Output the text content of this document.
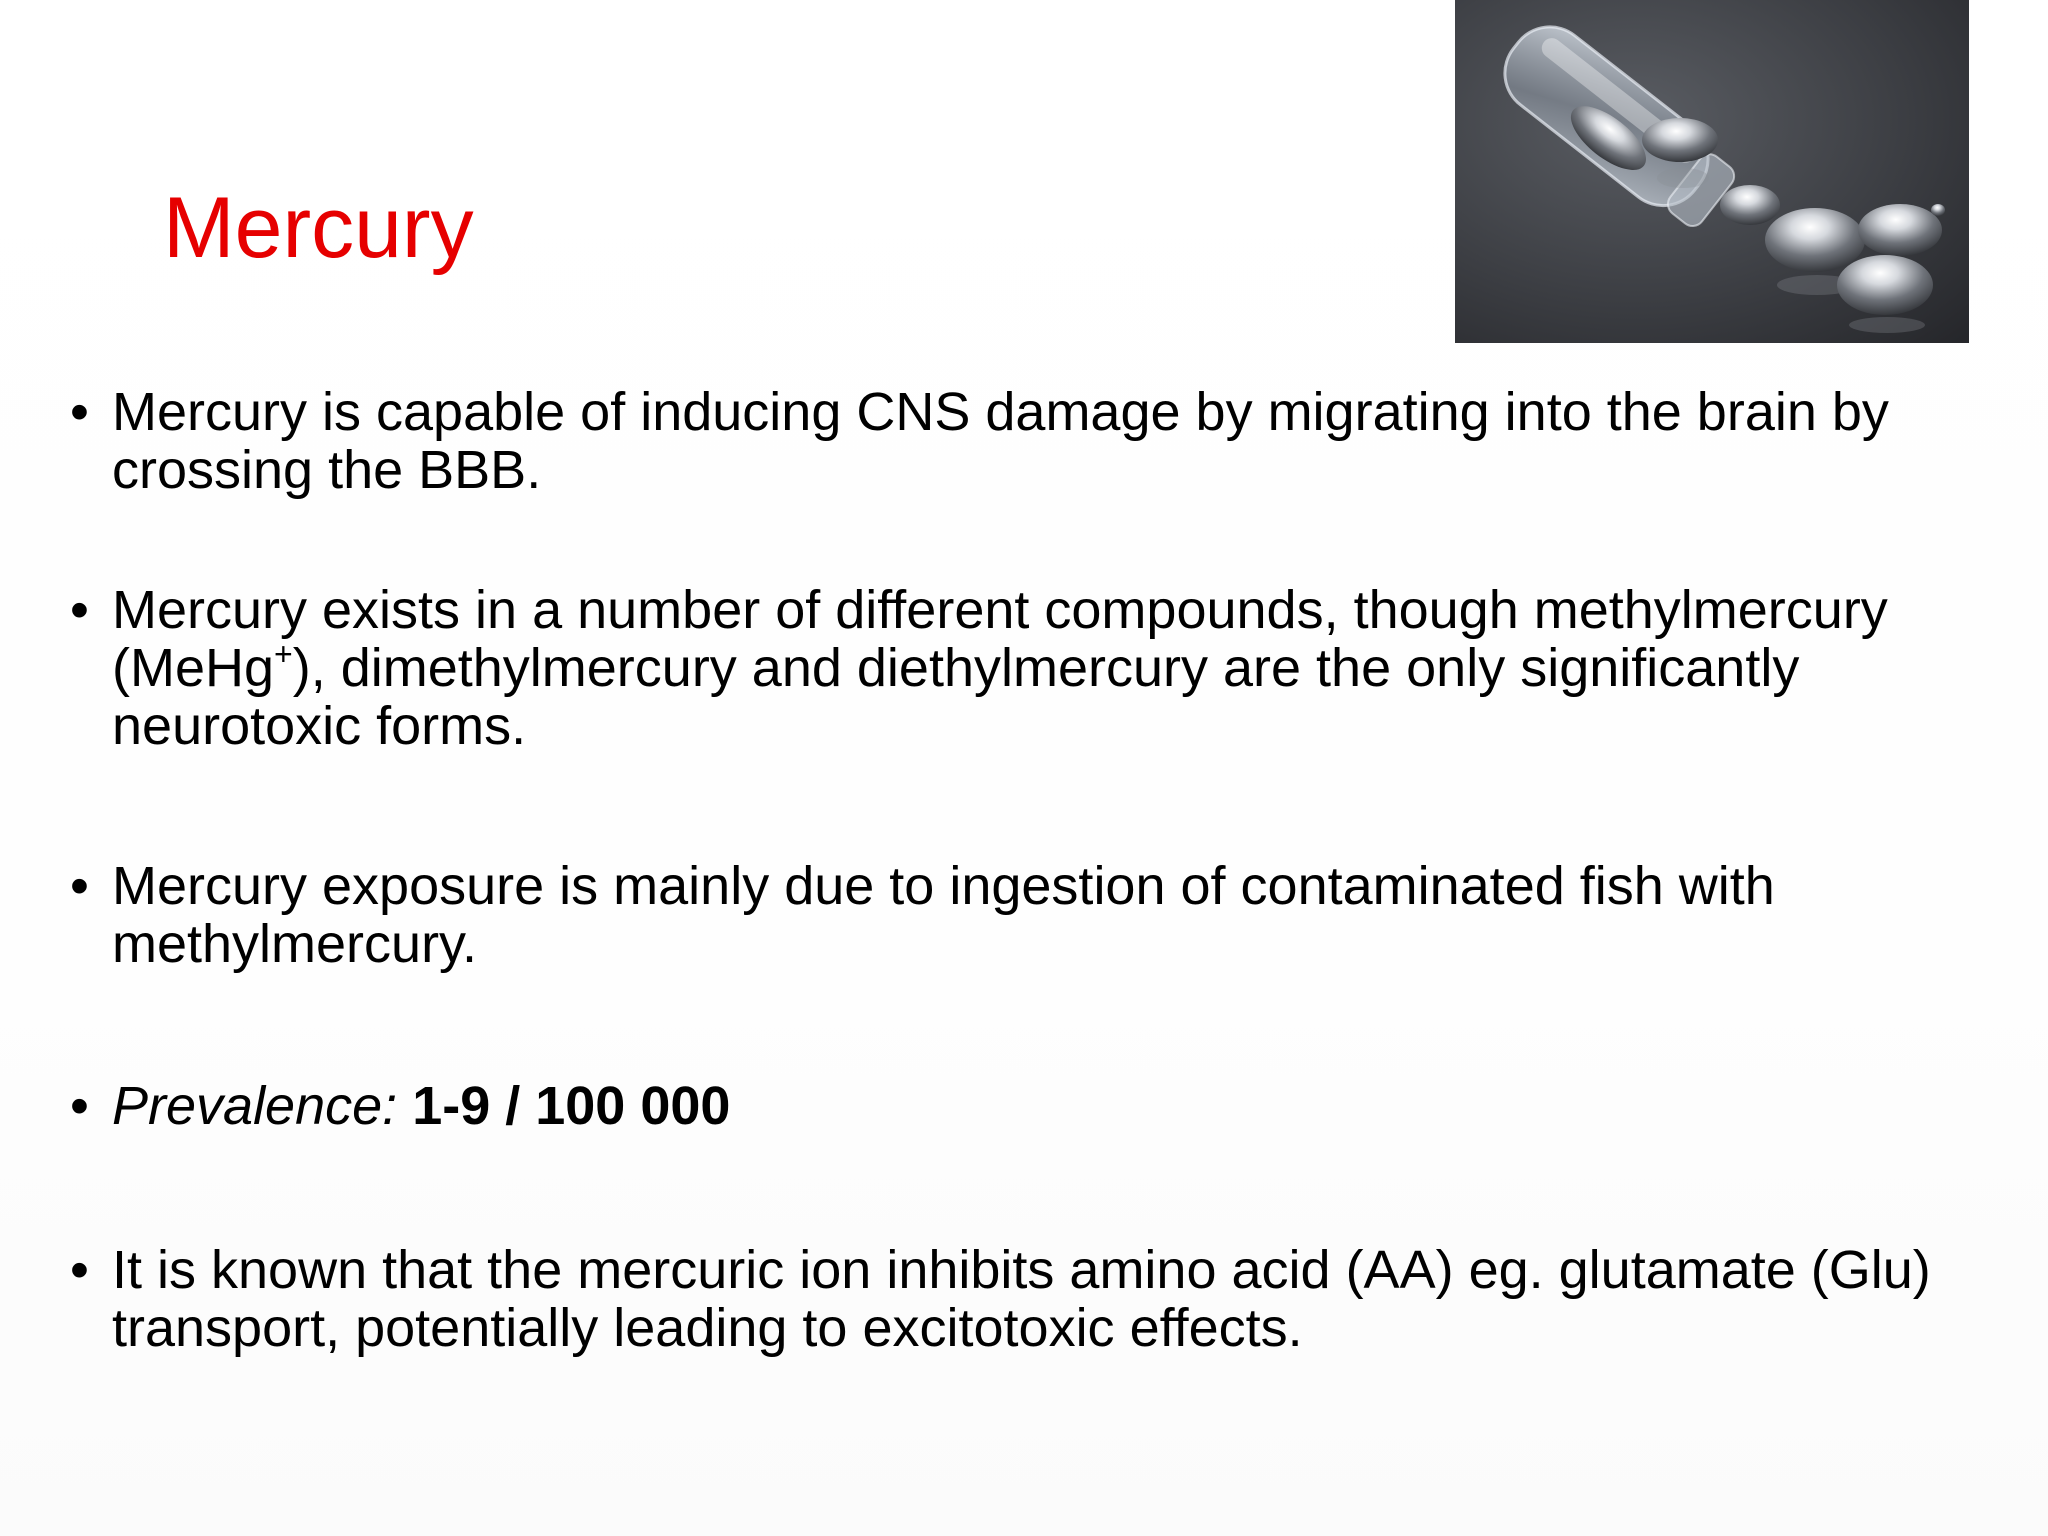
Mercury
• Mercury is capable of inducing CNS damage by migrating into the brain by crossing the BBB.
• Mercury exists in a number of different compounds, though methylmercury (MeHg+), dimethylmercury and diethylmercury are the only significantly neurotoxic forms.
• Mercury exposure is mainly due to ingestion of contaminated fish with methylmercury.
• Prevalence: 1-9 / 100 000
• It is known that the mercuric ion inhibits amino acid (AA) eg. glutamate (Glu) transport, potentially leading to excitotoxic effects.
